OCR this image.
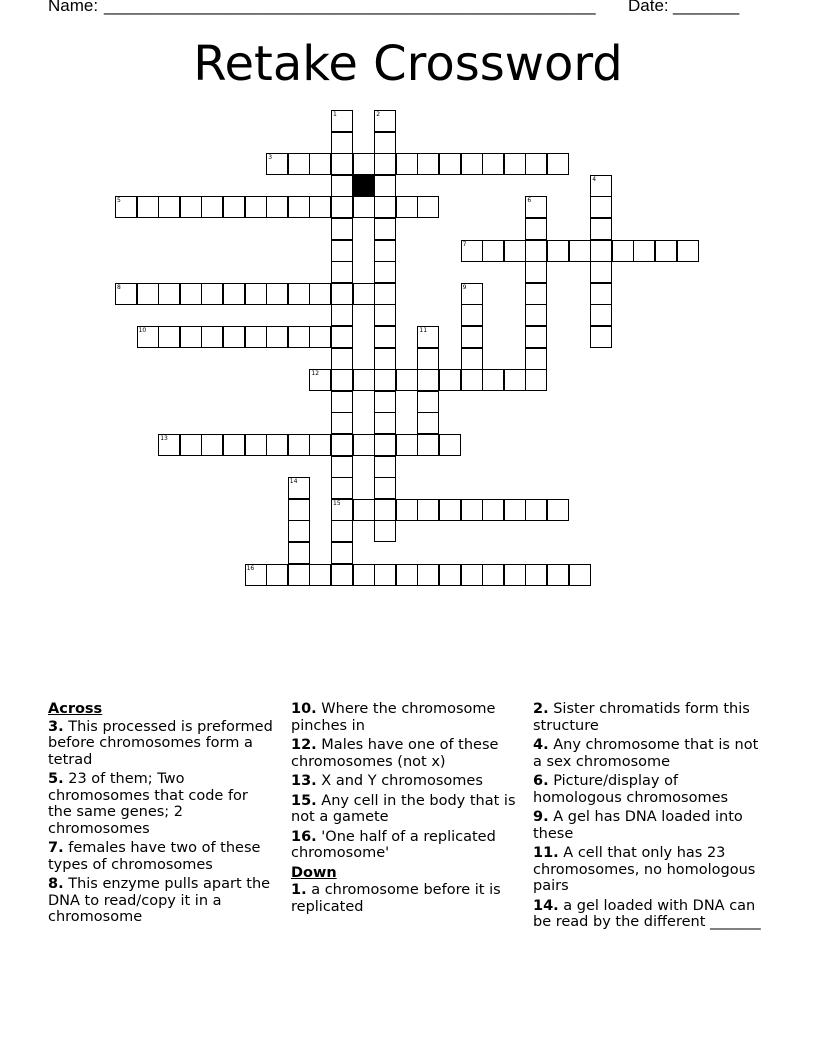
Name: ____________________________________________________ Date: _______
Retake Crossword
1
15
2
3
4
5	6
7
8	9
10	11
12
13
14
16
Across
3. This processed is preformed before chromosomes form a tetrad
5. 23 of them; Two chromosomes that code for the same genes; 2 chromosomes
7. females have two of these types of chromosomes
8. This enzyme pulls apart the DNA to read/copy it in a chromosome
10. Where the chromosome pinches in
12. Males have one of these chromosomes (not x)
13. X and Y chromosomes
15. Any cell in the body that is not a gamete
16. 'One half of a replicated chromosome'
Down
1. a chromosome before it is replicated
2. Sister chromatids form this structure
4. Any chromosome that is not a sex chromosome
6. Picture/display of homologous chromosomes
9. A gel has DNA loaded into these
11. A cell that only has 23 chromosomes, no homologous pairs
14. a gel loaded with DNA can be read by the different _______
